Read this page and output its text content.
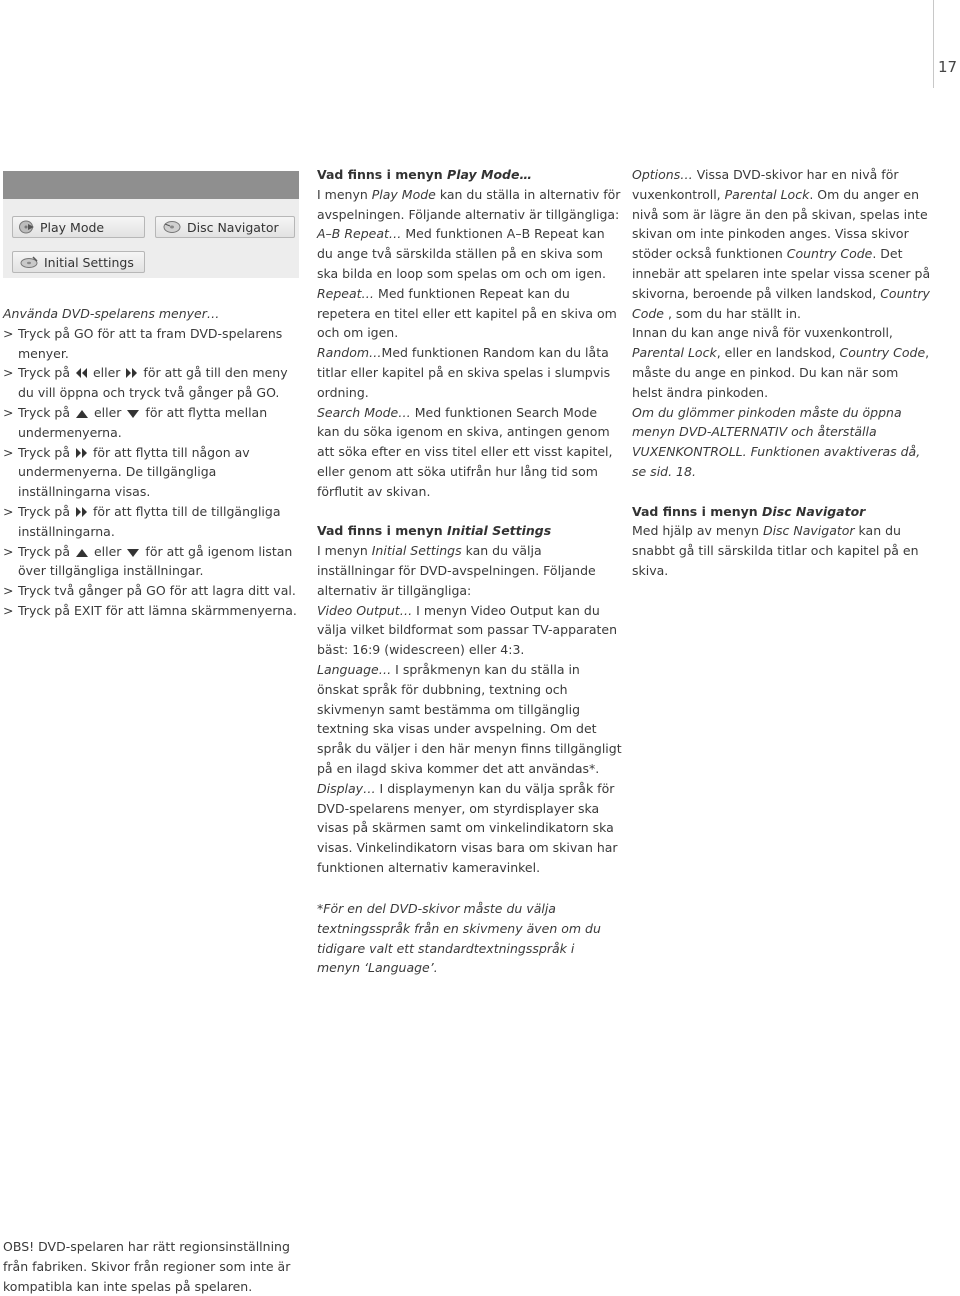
17
Play Mode	Disc Navigator
Initial Settings

Använda DVD-spelarens menyer…

> Tryck på GO för att ta fram DVD-spelarens menyer.

> Tryck på eller för att gå till den meny du vill öppna och tryck två gånger på GO.

> Tryck på eller för att flytta mellan undermenyerna.

> Tryck på för att flytta till någon av undermenyerna. De tillgängliga inställningarna visas.

> Tryck på för att flytta till de tillgängliga inställningarna.

> Tryck på eller för att gå igenom listan över tillgängliga inställningar.

> Tryck två gånger på GO för att lagra ditt val.

> Tryck på EXIT för att lämna skärmmenyerna.

Vad finns i menyn Play Mode…

I menyn Play Mode kan du ställa in alternativ för avspelningen. Följande alternativ är tillgängliga:

A–B Repeat… Med funktionen A–B Repeat kan du ange två särskilda ställen på en skiva som ska bilda en loop som spelas om och om igen.

Repeat… Med funktionen Repeat kan du repetera en titel eller ett kapitel på en skiva om och om igen.

Random…Med funktionen Random kan du låta titlar eller kapitel på en skiva spelas i slumpvis ordning.

Search Mode… Med funktionen Search Mode kan du söka igenom en skiva, antingen genom att söka efter en viss titel eller ett visst kapitel, eller genom att söka utifrån hur lång tid som förflutit av skivan.

Vad finns i menyn Initial Settings

I menyn Initial Settings kan du välja inställningar för DVD-avspelningen. Följande alternativ är tillgängliga:

Video Output… I menyn Video Output kan du välja vilket bildformat som passar TV-apparaten bäst: 16:9 (widescreen) eller 4:3.

Language… I språkmenyn kan du ställa in önskat språk för dubbning, textning och skivmenyn samt bestämma om tillgänglig textning ska visas under avspelning. Om det språk du väljer i den här menyn finns tillgängligt på en ilagd skiva kommer det att användas*.

Display… I displaymenyn kan du välja språk för DVD-spelarens menyer, om styrdisplayer ska visas på skärmen samt om vinkelindikatorn ska visas. Vinkelindikatorn visas bara om skivan har funktionen alternativ kameravinkel.

*För en del DVD-skivor måste du välja textningsspråk från en skivmeny även om du tidigare valt ett standardtextningsspråk i menyn ‘Language’.

Options… Vissa DVD-skivor har en nivå för vuxenkontroll, Parental Lock. Om du anger en nivå som är lägre än den på skivan, spelas inte skivan om inte pinkoden anges. Vissa skivor stöder också funktionen Country Code. Det innebär att spelaren inte spelar vissa scener på skivorna, beroende på vilken landskod, Country Code , som du har ställt in.

Innan du kan ange nivå för vuxenkontroll, Parental Lock, eller en landskod, Country Code, måste du ange en pinkod. Du kan när som helst ändra pinkoden.

Om du glömmer pinkoden måste du öppna menyn DVD-ALTERNATIV och återställa VUXENKONTROLL. Funktionen avaktiveras då, se sid. 18.

Vad finns i menyn Disc Navigator

Med hjälp av menyn Disc Navigator kan du snabbt gå till särskilda titlar och kapitel på en skiva.

OBS! DVD-spelaren har rätt regionsinställning från fabriken. Skivor från regioner som inte är kompatibla kan inte spelas på spelaren.
